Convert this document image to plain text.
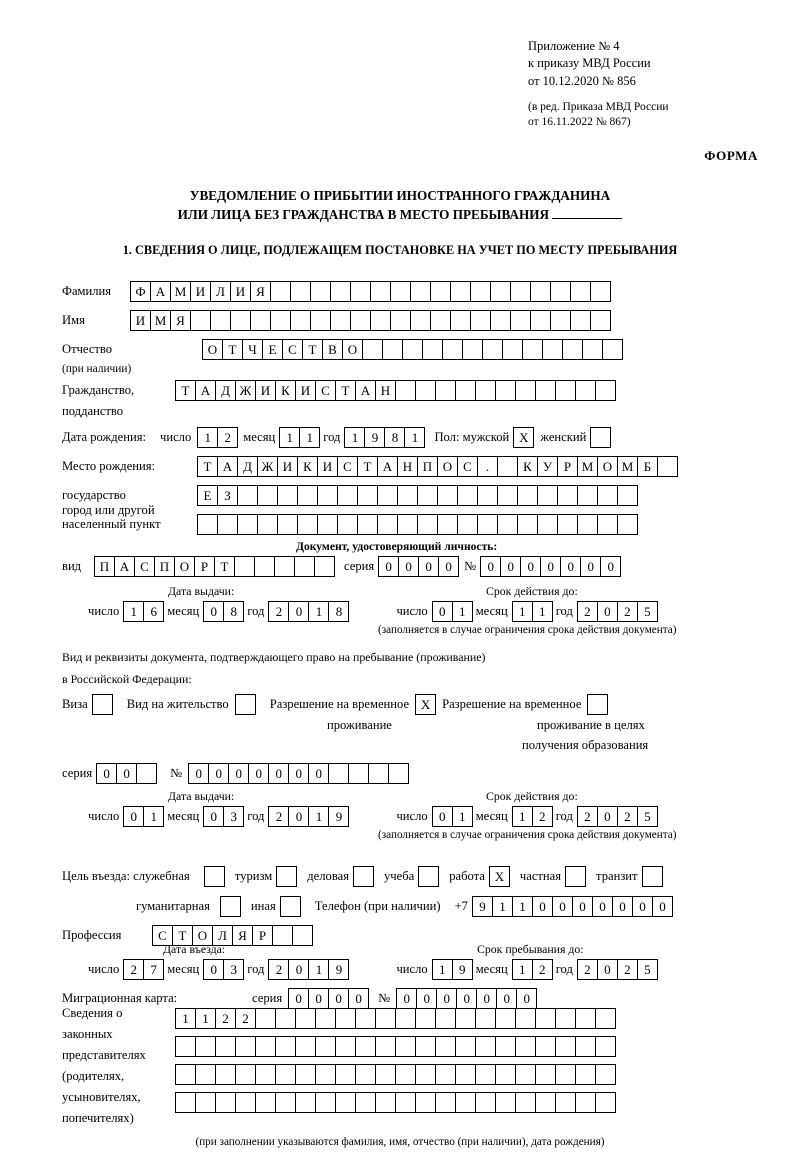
Приложение № 4
к приказу МВД России
от 10.12.2020 № 856
(в ред. Приказа МВД России
от 16.11.2022 № 867)
ФОРМА
УВЕДОМЛЕНИЕ О ПРИБЫТИИ ИНОСТРАННОГО ГРАЖДАНИНА
ИЛИ ЛИЦА БЕЗ ГРАЖДАНСТВА В МЕСТО ПРЕБЫВАНИЯ
1. СВЕДЕНИЯ О ЛИЦЕ, ПОДЛЕЖАЩЕМ ПОСТАНОВКЕ НА УЧЕТ ПО МЕСТУ ПРЕБЫВАНИЯ
Фамилия	Ф А М И Л И Я
Имя	И М Я
Отчество	О Т Ч Е С Т В О
(при наличии)
Гражданство,	Т А Д Ж И К И С Т А Н
подданство
Дата рождения: число	1	2 месяц 1	1 год 1	9	8	1	Пол: мужской X женский
Место рождения:	Т А Д Ж И К И С Т А Н П О С	.	К У Р М О М Б
государство	Е З
город или другой
населенный пункт
Документ, удостоверяющий личность:
вид	П А С П О Р Т	серия 0	0	0	0 № 0	0	0	0	0	0	0
Дата выдачи:	Срок действия до:
число 1	6 месяц 0	8 год 2	0	1	8	число 0	1 месяц 1	1 год 2	0	2	5
(заполняется в случае ограничения срока действия документа)
Вид и реквизиты документа, подтверждающего право на пребывание (проживание)
в Российской Федерации:
Виза	Вид на жительство	Разрешение на временное X Разрешение на временное
проживание	проживание в целях
получения образования
серия 0	0	№	0	0	0	0	0	0	0
Дата выдачи:	Срок действия до:
число 0	1 месяц 0	3 год 2	0	1	9	число 0	1 месяц 1	2 год 2	0	2	5
(заполняется в случае ограничения срока действия документа)
Цель въезда: служебная	туризм	деловая	учеба	работа X	частная	транзит
гуманитарная	иная	Телефон (при наличии) +7 9	1	1	0	0	0	0	0	0	0
Профессия	С Т О Л Я Р
Дата въезда:	Срок пребывания до:
число 2	7 месяц 0	3 год 2	0	1	9	число 1	9 месяц 1	2 год 2	0	2	5
Миграционная карта:	серия	0	0	0	0	№	0	0	0	0	0	0	0
Сведения о
законных
представителях
(родителях,
усыновителях,
попечителях)
1	1	2	2
(при заполнении указываются фамилия, имя, отчество (при наличии), дата рождения)
